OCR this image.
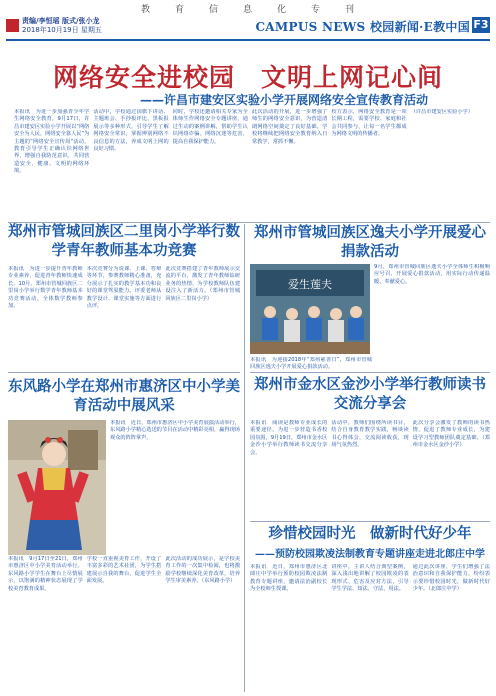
教	育	信	息	化	专	刊
责编/李恒瑶 版式/张小龙
2018年10月19日 星期五	CAMPUS NEWS 校园新闻·E教中国 F3
网络安全进校园　文明上网记心间
——许昌市建安区实验小学开展网络安全宣传教育活动
本报讯　为进一步加强青少年学生网络安全教育，9月17日，许昌市建安区实验小学开展以“网络安全为人民，网络安全靠人民”为主题的“网络安全宣传周”活动，教育引导学生正确认识网络世界，增强自我防范意识，共同营造安全、健康、文明的网络环境。
活动中，学校通过国旗下讲话、主题班会、手抄报评比、黑板报展示等多种形式，引导学生了解网络安全常识，掌握辨别网络不良信息的方法，养成文明上网的良好习惯。
同时，学校还邀请相关专家为全体师生作网络安全专题讲座，通过生动的案例讲解，帮助学生认识网络诈骗、网络沉迷等危害，提高自我保护能力。
此次活动的开展，进一步增强了师生的网络安全意识，为营造清朗网络空间奠定了良好基础。学校将继续把网络安全教育纳入日常教学，常抓不懈。
校方表示，网络安全教育是一项长期工程，需要学校、家庭和社会共同参与，让每一名学生都成为网络文明的传播者。
（许昌市建安区实验小学）
郑州市管城回族区二里岗小学举行数学青年教师基本功竞赛
本报讯　为进一步提升青年教师专业素养，促进青年教师快速成长，10月，郑州市管城回族区二里岗小学举行数学青年教师基本功竞赛活动，全体数学教师参加。
本次竞赛分为说课、上课、答辩等环节，参赛教师精心准备，充分展示了扎实的教学基本功和良好的课堂驾驭能力。评委老师从教学设计、课堂实施等方面进行点评。
此次竞赛搭建了青年教师展示交流的平台，激发了青年教师钻研业务的热情，为学校教师队伍建设注入了新活力。（郑州市管城回族区二里岗小学）
东风路小学在郑州市惠济区中小学美育活动中展风采
本报讯　近日，郑州市惠济区中小学美育展演活动举行，东风路小学精心选送的节目在活动中精彩亮相，赢得现场观众的阵阵掌声。
本报讯　9月17日至21日，郑州市惠济区中小学美育活动举行。东风路小学学生在舞台上尽情展示，以饱满的精神状态展现了学校美育教育成果。
学校一直重视美育工作，开设了丰富多彩的艺术社团，为学生搭建展示自我的舞台，促进学生全面发展。
此次活动的成功展示，是学校美育工作的一次集中检阅，也将激励学校继续深化美育改革，培养学生审美素养。（东风路小学）
郑州市管城回族区逸夫小学开展爱心捐款活动
爱生莲夫
9月，郑州市管城回族区逸夫小学全体师生积极响应号召，开展爱心捐款活动，用实际行动传递温暖，奉献爱心。
本报讯　为迎接2018年“郑州慈善日”，郑州市管城回族区逸夫小学开展爱心捐款活动。
郑州市金水区金沙小学举行教师读书交流分享会
本报讯　阅读是教师专业成长的重要途径。为进一步营造书香校园氛围，9月19日，郑州市金水区金沙小学举行教师读书交流分享会。
活动中，教师们围绕所读书目，结合自身教育教学实践，畅谈读书心得体会，交流阅读收获，现场气氛热烈。
此次分享会激发了教师的读书热情，促进了教师专业成长，为建设学习型教师团队奠定基础。（郑州市金水区金沙小学）
珍惜校园时光　做新时代好少年
——预防校园欺凌法制教育专题讲座走进北郎庄中学
本报讯　近日，郑州市惠济区北郎庄中学举行预防校园欺凌法制教育专题讲座，邀请法治副校长为全校师生授课。
讲座中，主讲人结合典型案例，深入浅出地讲解了校园欺凌的表现形式、危害及应对方法，引导学生学法、知法、守法、用法。
通过此次讲座，学生们增强了法治意识和自我保护能力，纷纷表示要珍惜校园时光，做新时代好少年。（北郎庄中学）
